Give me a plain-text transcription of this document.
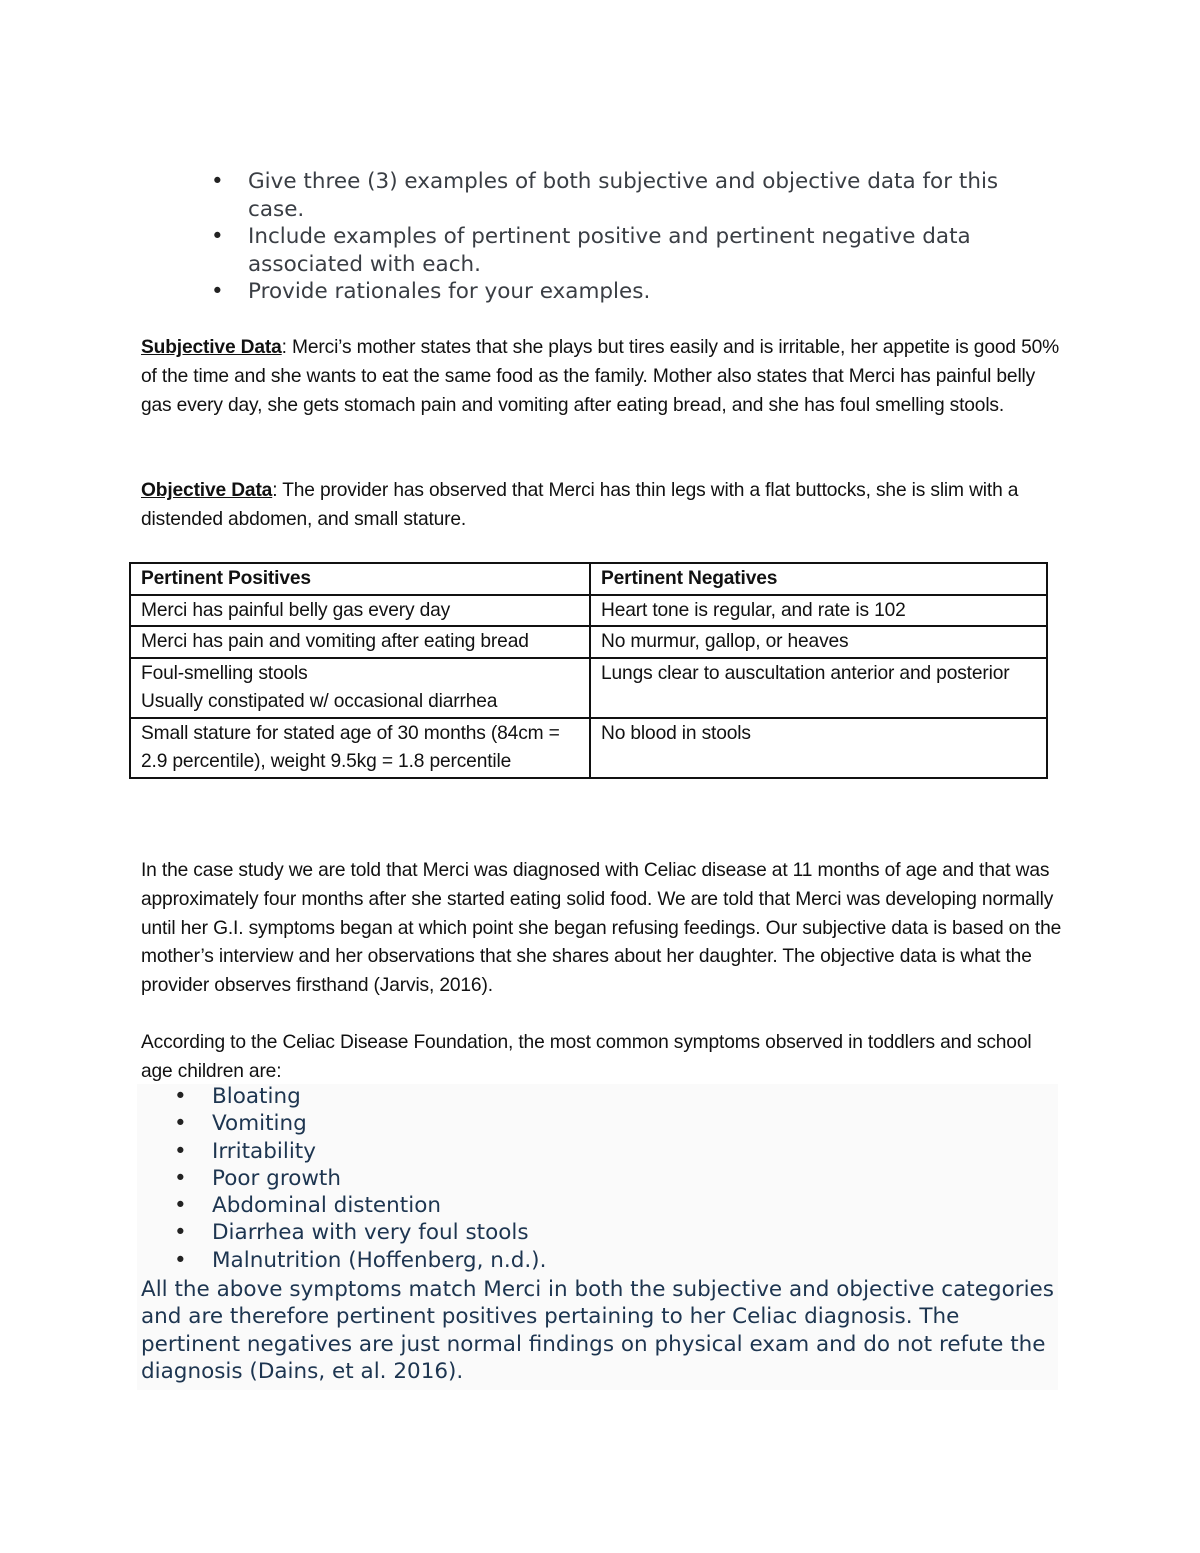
• Give three (3) examples of both subjective and objective data for this case.
• Include examples of pertinent positive and pertinent negative data associated with each.
• Provide rationales for your examples.

Subjective Data: Merci’s mother states that she plays but tires easily and is irritable, her appetite is good 50% of the time and she wants to eat the same food as the family. Mother also states that Merci has painful belly gas every day, she gets stomach pain and vomiting after eating bread, and she has foul smelling stools.

Objective Data: The provider has observed that Merci has thin legs with a flat buttocks, she is slim with a distended abdomen, and small stature.

Pertinent Positives	Pertinent Negatives
Merci has painful belly gas every day	Heart tone is regular, and rate is 102
Merci has pain and vomiting after eating bread	No murmur, gallop, or heaves

Foul-smelling stools
Usually constipated w/ occasional diarrhea	Lungs clear to auscultation anterior and posterior
Small stature for stated age of 30 months (84cm = 2.9 percentile), weight 9.5kg = 1.8 percentile	No blood in stools

In the case study we are told that Merci was diagnosed with Celiac disease at 11 months of age and that was approximately four months after she started eating solid food. We are told that Merci was developing normally until her G.I. symptoms began at which point she began refusing feedings. Our subjective data is based on the mother’s interview and her observations that she shares about her daughter. The objective data is what the provider observes firsthand (Jarvis, 2016).

According to the Celiac Disease Foundation, the most common symptoms observed in toddlers and school age children are:

• Bloating
• Vomiting
• Irritability
• Poor growth
• Abdominal distention
• Diarrhea with very foul stools
• Malnutrition (Hoffenberg, n.d.).

All the above symptoms match Merci in both the subjective and objective categories and are therefore pertinent positives pertaining to her Celiac diagnosis. The pertinent negatives are just normal findings on physical exam and do not refute the diagnosis (Dains, et al. 2016).
